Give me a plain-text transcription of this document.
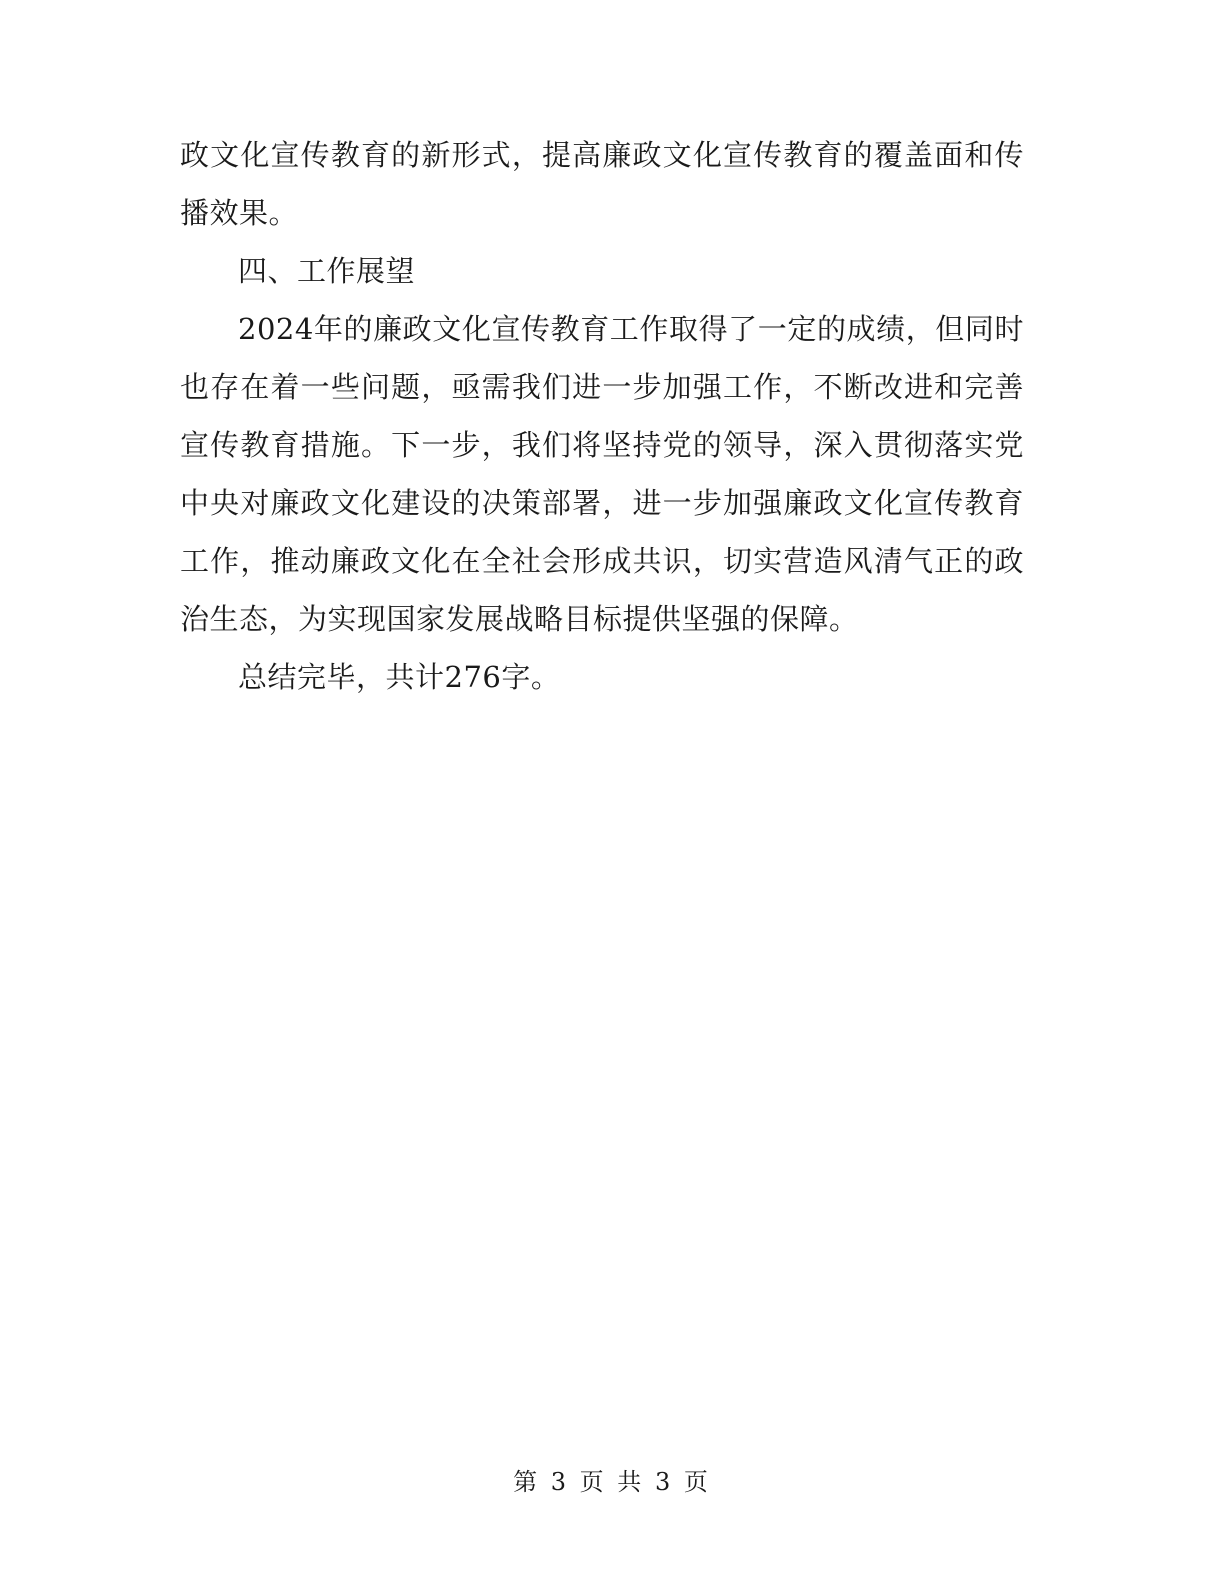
政文化宣传教育的新形式，提高廉政文化宣传教育的覆盖面和传播效果。

四、工作展望

2024年的廉政文化宣传教育工作取得了一定的成绩，但同时也存在着一些问题，亟需我们进一步加强工作，不断改进和完善宣传教育措施。下一步，我们将坚持党的领导，深入贯彻落实党中央对廉政文化建设的决策部署，进一步加强廉政文化宣传教育工作，推动廉政文化在全社会形成共识，切实营造风清气正的政治生态，为实现国家发展战略目标提供坚强的保障。

总结完毕，共计276字。

第 3 页 共 3 页
